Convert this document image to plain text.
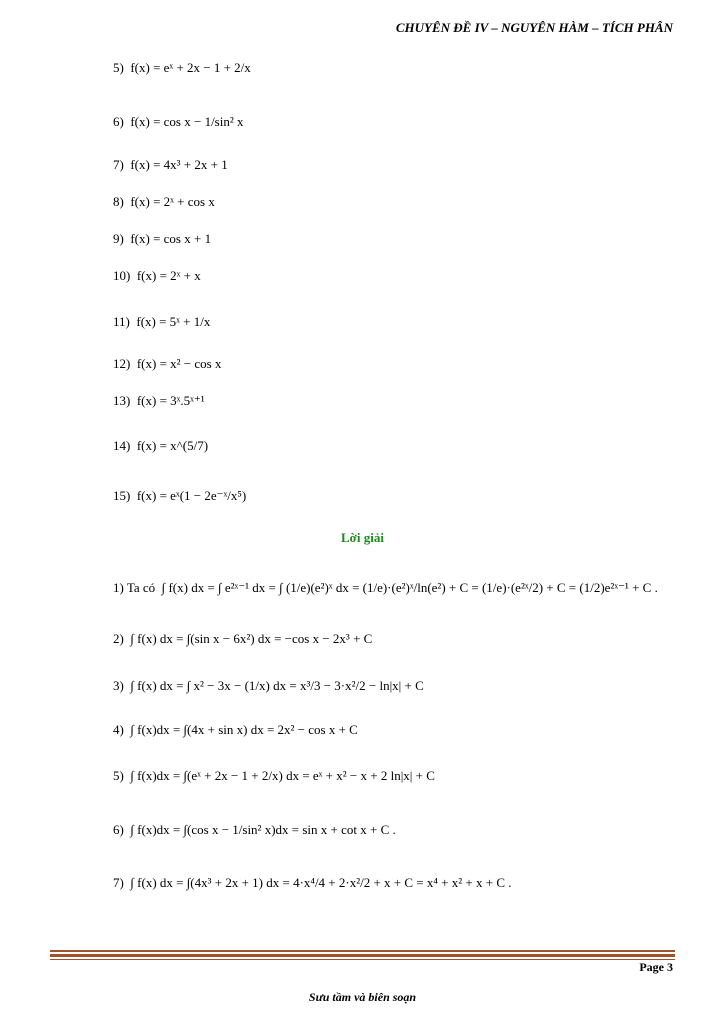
CHUYÊN ĐỀ IV – NGUYÊN HÀM – TÍCH PHÂN
5) f(x) = eˣ + 2x − 1 + 2/x
6) f(x) = cos x − 1/sin² x
7) f(x) = 4x³ + 2x + 1
8) f(x) = 2ˣ + cos x
9) f(x) = cos x + 1
10) f(x) = 2ˣ + x
11) f(x) = 5ˣ + 1/x
12) f(x) = x² − cos x
13) f(x) = 3ˣ.5ˣ⁺¹
14) f(x) = x^(5/7)
15) f(x) = eˣ(1 − 2e⁻ˣ/x⁵)
Lời giải
1) Ta có ∫ f(x) dx = ∫ e²ˣ⁻¹ dx = ∫ (1/e)(e²)ˣ dx = (1/e)·(e²)ˣ/ln(e²) + C = (1/e)·(e²ˣ/2) + C = (1/2)e²ˣ⁻¹ + C .
2) ∫ f(x) dx = ∫(sin x − 6x²) dx = −cos x − 2x³ + C
3) ∫ f(x) dx = ∫ x² − 3x − (1/x) dx = x³/3 − 3·x²/2 − ln|x| + C
4) ∫ f(x)dx = ∫(4x + sin x) dx = 2x² − cos x + C
5) ∫ f(x)dx = ∫(eˣ + 2x − 1 + 2/x) dx = eˣ + x² − x + 2 ln|x| + C
6) ∫ f(x)dx = ∫(cos x − 1/sin² x)dx = sin x + cot x + C .
7) ∫ f(x) dx = ∫(4x³ + 2x + 1) dx = 4·x⁴/4 + 2·x²/2 + x + C = x⁴ + x² + x + C .
Page 3
Sưu tầm và biên soạn
